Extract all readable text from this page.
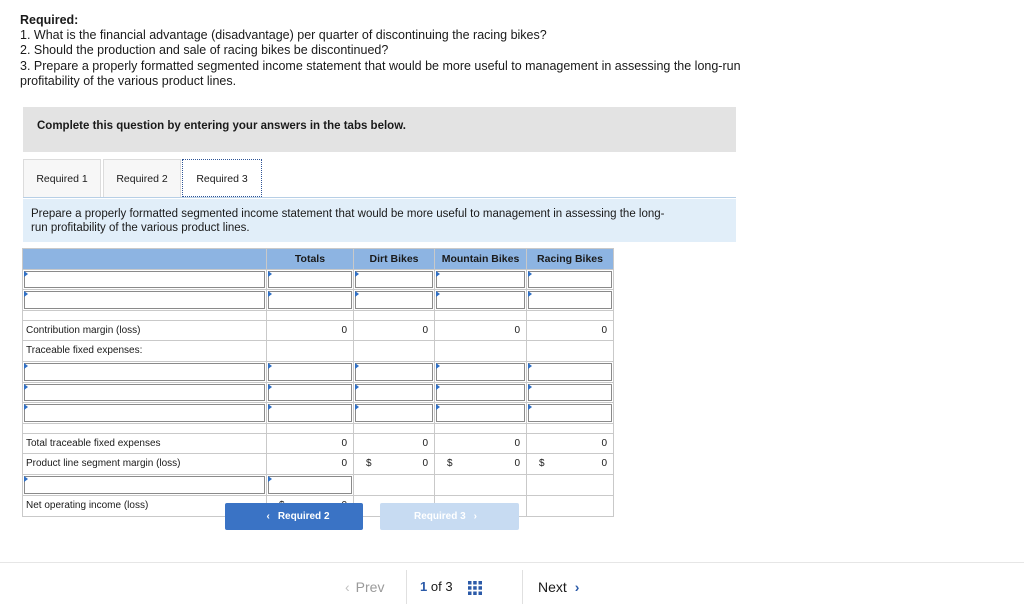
Required:
1. What is the financial advantage (disadvantage) per quarter of discontinuing the racing bikes?
2. Should the production and sale of racing bikes be discontinued?
3. Prepare a properly formatted segmented income statement that would be more useful to management in assessing the long-run
profitability of the various product lines.
Complete this question by entering your answers in the tabs below.
Required 1	Required 2	Required 3
Prepare a properly formatted segmented income statement that would be more useful to management in assessing the long-
run profitability of the various product lines.
Totals	Dirt Bikes	Mountain Bikes	Racing Bikes
Contribution margin (loss)	0	0	0	0
Traceable fixed expenses:
Total traceable fixed expenses	0	0	0	0
Product line segment margin (loss)	0	$	0	$	0	$	0
Net operating income (loss)
‹ Required 2	Required 3 ›
‹ Prev	1 of 3	Next ›
